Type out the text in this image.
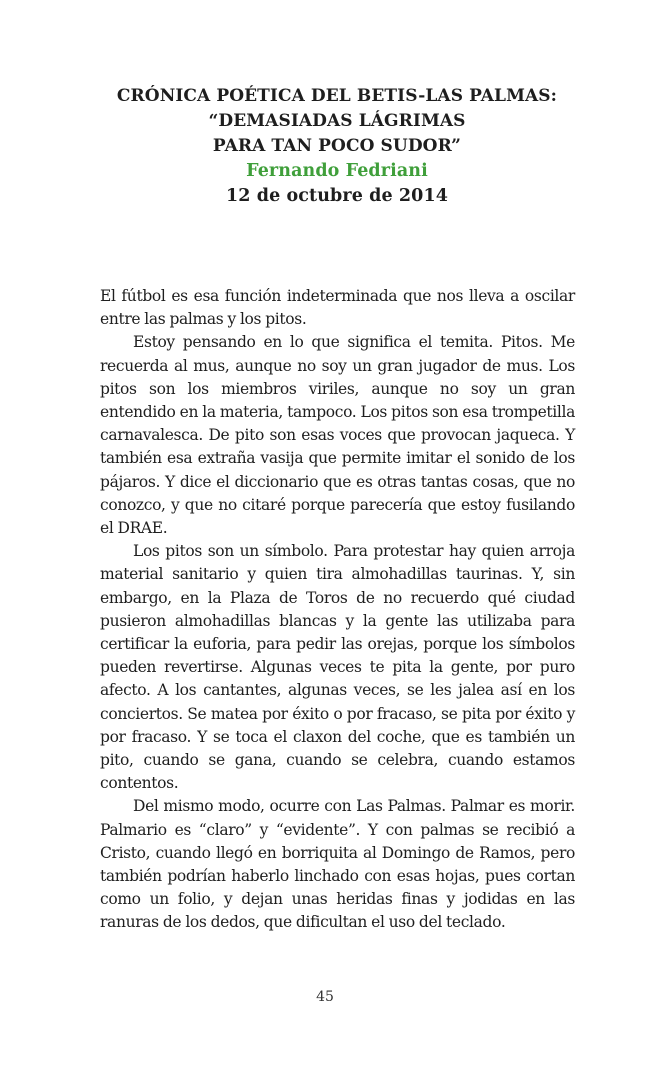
CRÓNICA POÉTICA DEL BETIS-LAS PALMAS:
“DEMASIADAS LÁGRIMAS
PARA TAN POCO SUDOR”
Fernando Fedriani
12 de octubre de 2014

El fútbol es esa función indeterminada que nos lleva a oscilar entre las palmas y los pitos.

Estoy pensando en lo que significa el temita. Pitos. Me recuerda al mus, aunque no soy un gran jugador de mus. Los pitos son los miembros viriles, aunque no soy un gran entendido en la materia, tampoco. Los pitos son esa trompetilla carnavalesca. De pito son esas voces que provocan jaqueca. Y también esa extraña vasija que permite imitar el sonido de los pájaros. Y dice el diccionario que es otras tantas cosas, que no conozco, y que no citaré porque parecería que estoy fusilando el DRAE.

Los pitos son un símbolo. Para protestar hay quien arroja material sanitario y quien tira almohadillas taurinas. Y, sin embargo, en la Plaza de Toros de no recuerdo qué ciudad pusieron almohadillas blancas y la gente las utilizaba para certificar la euforia, para pedir las orejas, porque los símbolos pueden revertirse. Algunas veces te pita la gente, por puro afecto. A los cantantes, algunas veces, se les jalea así en los conciertos. Se matea por éxito o por fracaso, se pita por éxito y por fracaso. Y se toca el claxon del coche, que es también un pito, cuando se gana, cuando se celebra, cuando estamos contentos.

Del mismo modo, ocurre con Las Palmas. Palmar es morir. Palmario es “claro” y “evidente”. Y con palmas se recibió a Cristo, cuando llegó en borriquita al Domingo de Ramos, pero también podrían haberlo linchado con esas hojas, pues cortan como un folio, y dejan unas heridas finas y jodidas en las ranuras de los dedos, que dificultan el uso del teclado.

45
